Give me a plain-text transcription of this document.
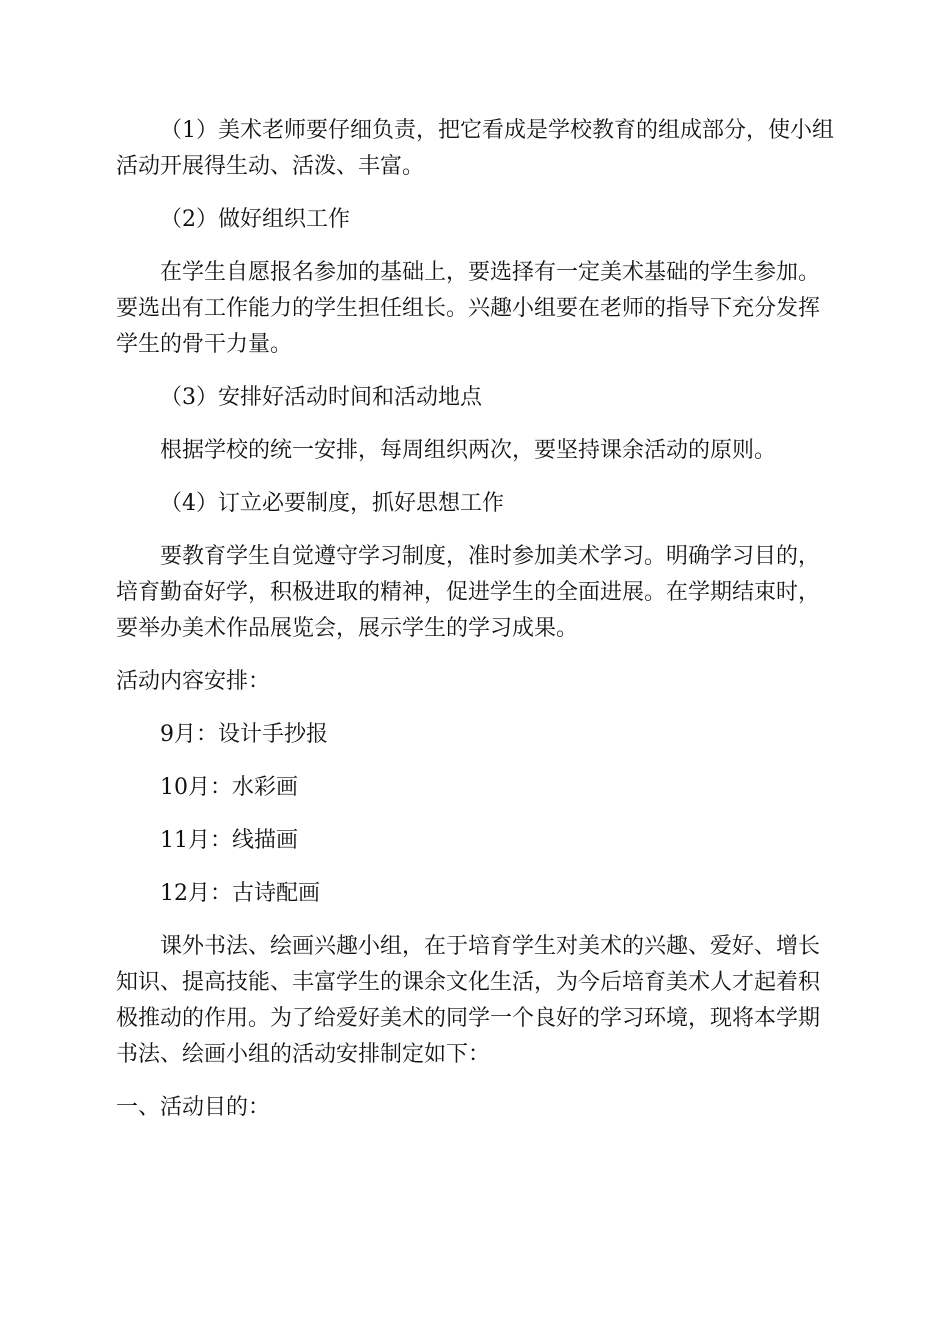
（1）美术老师要仔细负责，把它看成是学校教育的组成部分，使小组活动开展得生动、活泼、丰富。

（2）做好组织工作

在学生自愿报名参加的基础上，要选择有一定美术基础的学生参加。要选出有工作能力的学生担任组长。兴趣小组要在老师的指导下充分发挥学生的骨干力量。

（3）安排好活动时间和活动地点

根据学校的统一安排，每周组织两次，要坚持课余活动的原则。

（4）订立必要制度，抓好思想工作

要教育学生自觉遵守学习制度，准时参加美术学习。明确学习目的，培育勤奋好学，积极进取的精神，促进学生的全面进展。在学期结束时，要举办美术作品展览会，展示学生的学习成果。

活动内容安排：

9月：设计手抄报

10月：水彩画

11月：线描画

12月：古诗配画

课外书法、绘画兴趣小组，在于培育学生对美术的兴趣、爱好、增长知识、提高技能、丰富学生的课余文化生活，为今后培育美术人才起着积极推动的作用。为了给爱好美术的同学一个良好的学习环境，现将本学期书法、绘画小组的活动安排制定如下：

一、活动目的：
